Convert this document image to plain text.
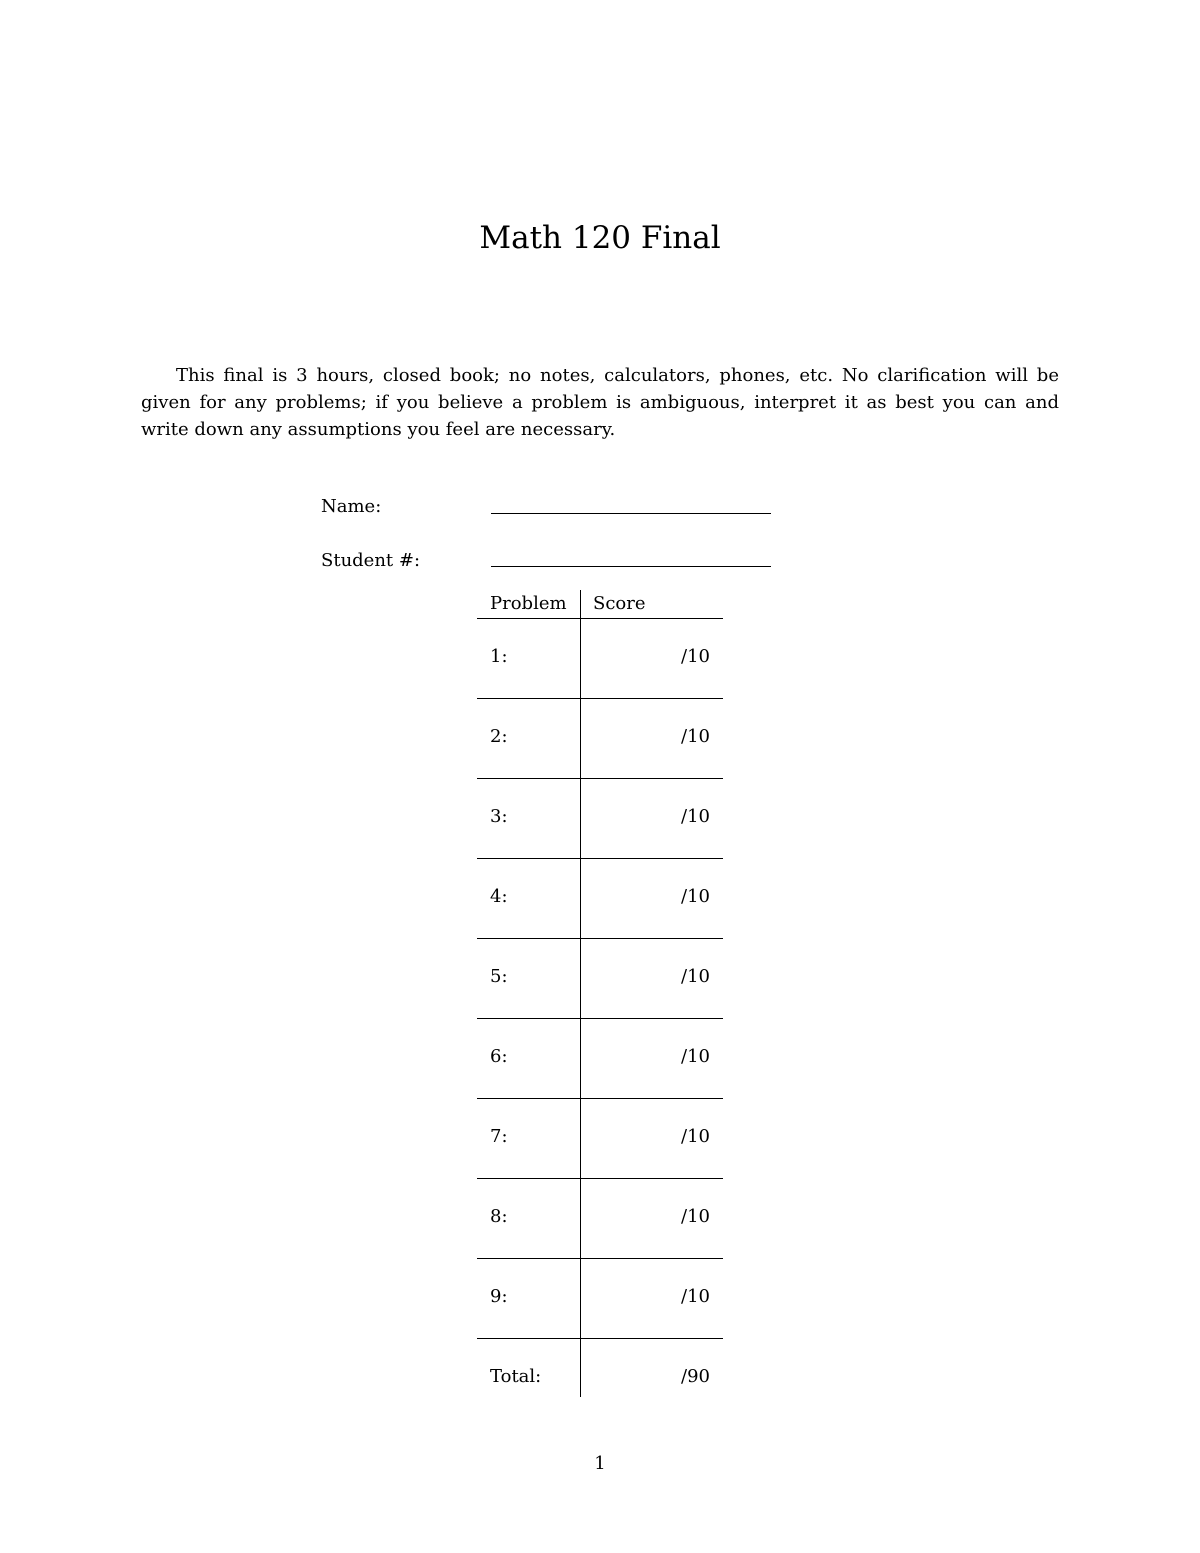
Math 120 Final
This final is 3 hours, closed book; no notes, calculators, phones, etc. No clarification will be given for any problems; if you believe a problem is ambiguous, interpret it as best you can and write down any assumptions you feel are necessary.
Name:
Student #:
Problem Score
1:	/10
2:	/10
3:	/10
4:	/10
5:	/10
6:	/10
7:	/10
8:	/10
9:	/10
Total:	/90
1
